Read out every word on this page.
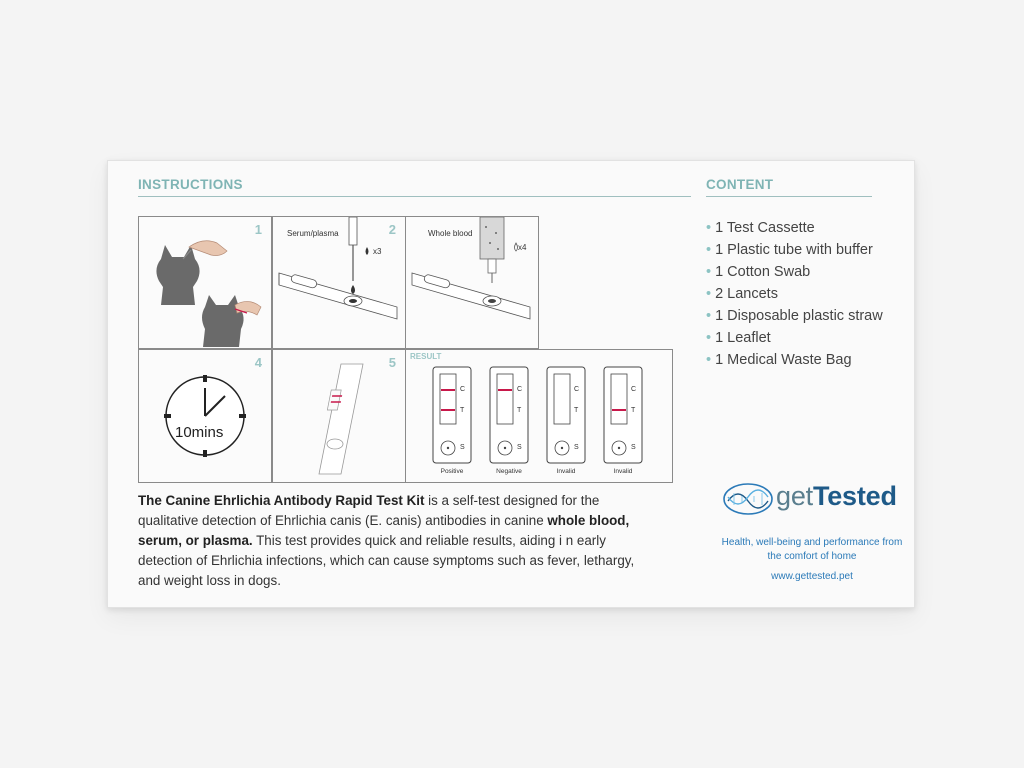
INSTRUCTIONS	CONTENT
1	Serum/plasma
x3
2	Whole blood
x4
4
10mins
5 RESULT
C
T
S
C
T
S
C
T
S
C
T
S
Positive	Negative	Invalid	Invalid
• 1 Test Cassette
• 1 Plastic tube with buffer
• 1 Cotton Swab
• 2 Lancets
• 1 Disposable plastic straw
• 1 Leaflet
• 1 Medical Waste Bag
The Canine Ehrlichia Antibody Rapid Test Kit is a self-test designed for the qualitative detection of Ehrlichia canis (E. canis) antibodies in canine whole blood, serum, or plasma. This test provides quick and reliable results, aiding i n early detection of Ehrlichia infections, which can cause symptoms such as fever, lethargy, and weight loss in dogs.
getTested
Health, well-being and performance from the comfort of home
www.gettested.pet
